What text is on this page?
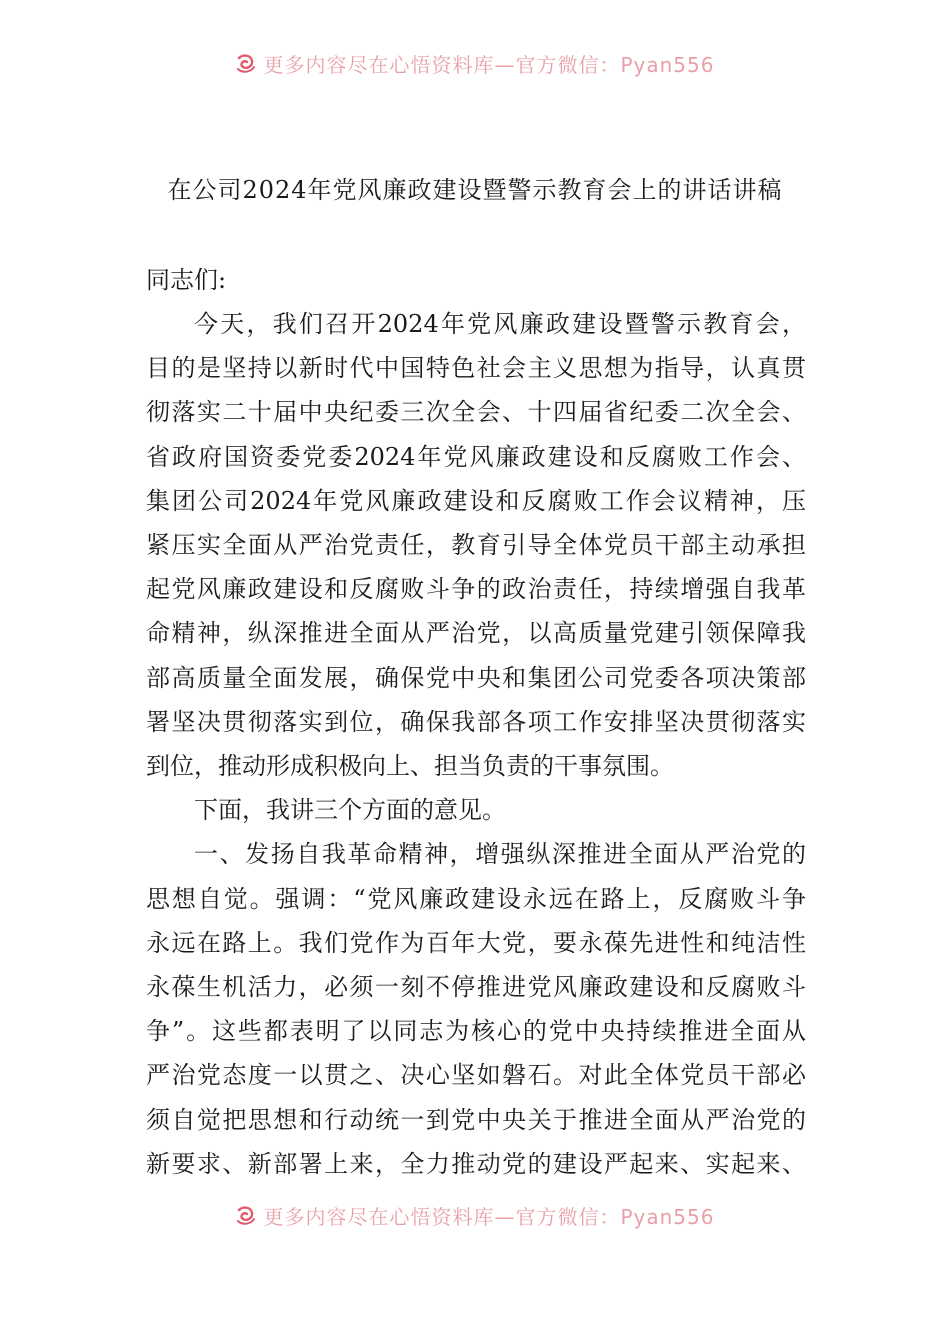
更多内容尽在心悟资料库—官方微信：Pyan556
在公司2024年党风廉政建设暨警示教育会上的讲话讲稿

同志们:

今天，我们召开2024年党风廉政建设暨警示教育会，
目的是坚持以新时代中国特色社会主义思想为指导，认真贯
彻落实二十届中央纪委三次全会、十四届省纪委二次全会、
省政府国资委党委2024年党风廉政建设和反腐败工作会、
集团公司2024年党风廉政建设和反腐败工作会议精神，压
紧压实全面从严治党责任，教育引导全体党员干部主动承担
起党风廉政建设和反腐败斗争的政治责任，持续增强自我革
命精神，纵深推进全面从严治党，以高质量党建引领保障我
部高质量全面发展，确保党中央和集团公司党委各项决策部
署坚决贯彻落实到位，确保我部各项工作安排坚决贯彻落实
到位，推动形成积极向上、担当负责的干事氛围。
下面，我讲三个方面的意见。
一、发扬自我革命精神，增强纵深推进全面从严治党的
思想自觉。强调：“党风廉政建设永远在路上，反腐败斗争
永远在路上。我们党作为百年大党，要永葆先进性和纯洁性
永葆生机活力，必须一刻不停推进党风廉政建设和反腐败斗
争”。这些都表明了以同志为核心的党中央持续推进全面从
严治党态度一以贯之、决心坚如磐石。对此全体党员干部必
须自觉把思想和行动统一到党中央关于推进全面从严治党的
新要求、新部署上来，全力推动党的建设严起来、实起来、
更多内容尽在心悟资料库—官方微信：Pyan556
